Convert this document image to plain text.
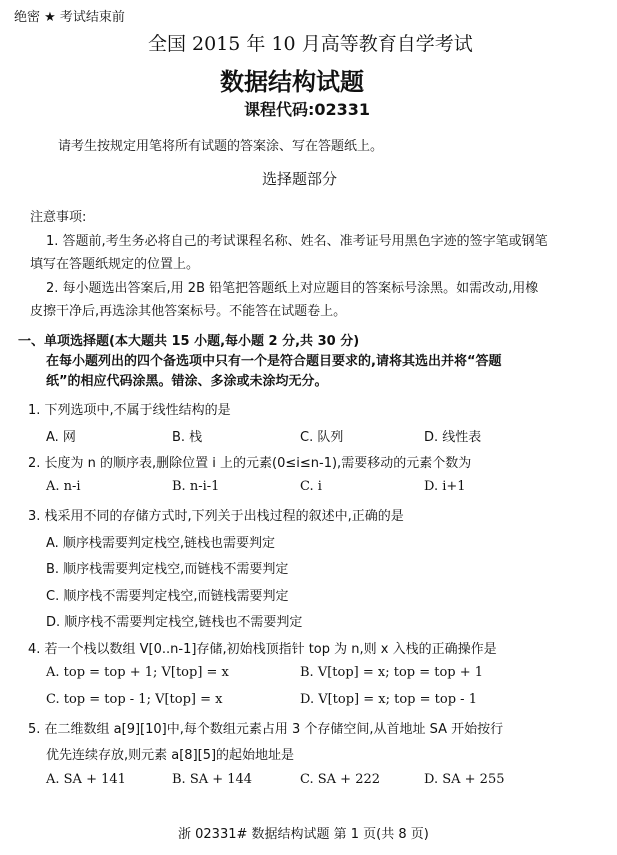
绝密 ★ 考试结束前
全国 2015 年 10 月高等教育自学考试
数据结构试题
课程代码:02331
请考生按规定用笔将所有试题的答案涂、写在答题纸上。
选择题部分
注意事项:
1. 答题前,考生务必将自己的考试课程名称、姓名、准考证号用黑色字迹的签字笔或钢笔
填写在答题纸规定的位置上。
2. 每小题选出答案后,用 2B 铅笔把答题纸上对应题目的答案标号涂黑。如需改动,用橡
皮擦干净后,再选涂其他答案标号。不能答在试题卷上。
一、单项选择题(本大题共 15 小题,每小题 2 分,共 30 分)
在每小题列出的四个备选项中只有一个是符合题目要求的,请将其选出并将“答题
纸”的相应代码涂黑。错涂、多涂或未涂均无分。
1. 下列选项中,不属于线性结构的是
A. 网	B. 栈	C. 队列	D. 线性表
2. 长度为 n 的顺序表,删除位置 i 上的元素(0≤i≤n-1),需要移动的元素个数为
A. n-i	B. n-i-1	C. i	D. i+1
3. 栈采用不同的存储方式时,下列关于出栈过程的叙述中,正确的是
A. 顺序栈需要判定栈空,链栈也需要判定
B. 顺序栈需要判定栈空,而链栈不需要判定
C. 顺序栈不需要判定栈空,而链栈需要判定
D. 顺序栈不需要判定栈空,链栈也不需要判定
4. 若一个栈以数组 V[0..n-1]存储,初始栈顶指针 top 为 n,则 x 入栈的正确操作是
A. top = top + 1; V[top] = x	B. V[top] = x; top = top + 1
C. top = top - 1; V[top] = x	D. V[top] = x; top = top - 1
5. 在二维数组 a[9][10]中,每个数组元素占用 3 个存储空间,从首地址 SA 开始按行
优先连续存放,则元素 a[8][5]的起始地址是
A. SA + 141	B. SA + 144	C. SA + 222	D. SA + 255
浙 02331# 数据结构试题 第 1 页(共 8 页)
